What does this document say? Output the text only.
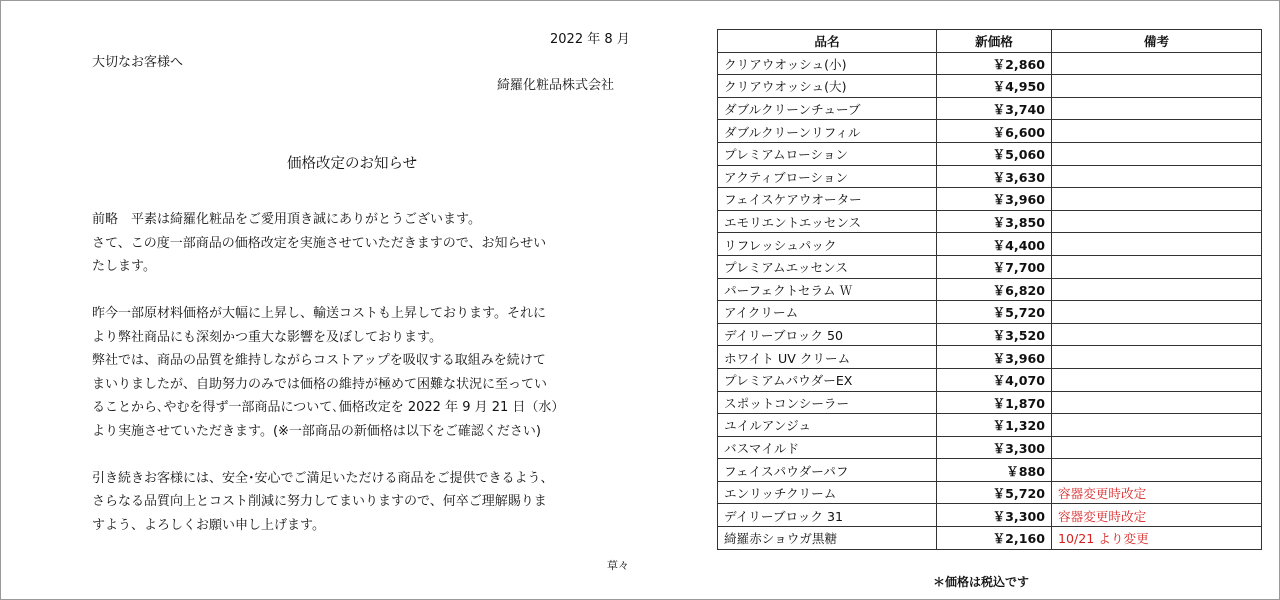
2022 年 8 月
大切なお客様へ
綺羅化粧品株式会社
価格改定のお知らせ
前略　平素は綺羅化粧品をご愛用頂き誠にありがとうございます。
さて、この度一部商品の価格改定を実施させていただきますので、お知らせい
たします。
昨今一部原材料価格が大幅に上昇し、輸送コストも上昇しております。それに
より弊社商品にも深刻かつ重大な影響を及ぼしております。
弊社では、商品の品質を維持しながらコストアップを吸収する取組みを続けて
まいりましたが、自助努力のみでは価格の維持が極めて困難な状況に至ってい
ることから､やむを得ず一部商品について､価格改定を 2022 年 9 月 21 日（水）
より実施させていただきます。(※一部商品の新価格は以下をご確認ください)
引き続きお客様には、安全･安心でご満足いただける商品をご提供できるよう、
さらなる品質向上とコスト削減に努力してまいりますので、何卒ご理解賜りま
すよう、よろしくお願い申し上げます。
草々
品名	新価格	備考
クリアウオッシュ(小)	￥2,860	
クリアウオッシュ(大)	￥4,950	
ダブルクリーンチューブ	￥3,740	
ダブルクリーンリフィル	￥6,600	
プレミアムローション	￥5,060	
アクティブローション	￥3,630	
フェイスケアウオーター	￥3,960	
エモリエントエッセンス	￥3,850	
リフレッシュパック	￥4,400	
プレミアムエッセンス	￥7,700	
パーフェクトセラム Ｗ	￥6,820	
アイクリーム	￥5,720	
デイリーブロック 50	￥3,520	
ホワイト UV クリーム	￥3,960	
プレミアムパウダーEX	￥4,070	
スポットコンシーラー	￥1,870	
ユイルアンジュ	￥1,320	
バスマイルド	￥3,300	
フェイスパウダーパフ	￥880	
エンリッチクリーム	￥5,720	容器変更時改定
デイリーブロック 31	￥3,300	容器変更時改定
綺羅赤ショウガ黒糖	￥2,160	10/21 より変更
＊価格は税込です
